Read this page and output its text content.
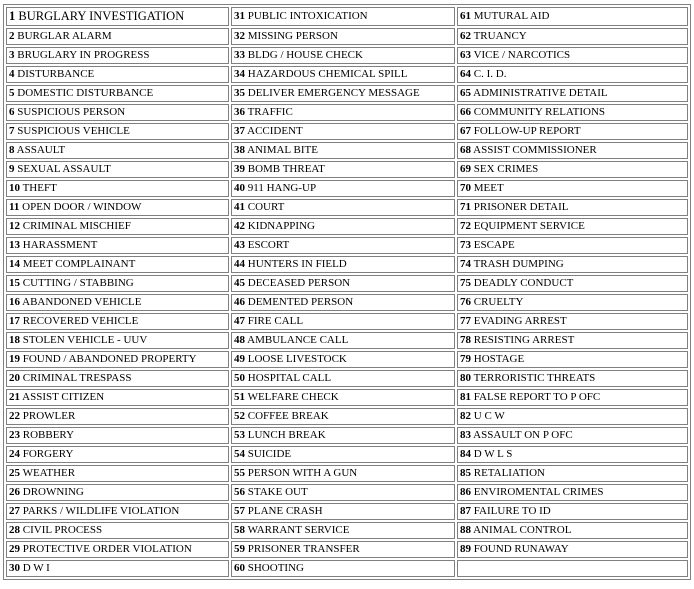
1 BURGLARY INVESTIGATION	31 PUBLIC INTOXICATION	61 MUTURAL AID
2 BURGLAR ALARM	32 MISSING PERSON	62 TRUANCY
3 BRUGLARY IN PROGRESS	33 BLDG / HOUSE CHECK	63 VICE / NARCOTICS
4 DISTURBANCE	34 HAZARDOUS CHEMICAL SPILL	64 C. I. D.
5 DOMESTIC DISTURBANCE	35 DELIVER EMERGENCY MESSAGE	65 ADMINISTRATIVE DETAIL
6 SUSPICIOUS PERSON	36 TRAFFIC	66 COMMUNITY RELATIONS
7 SUSPICIOUS VEHICLE	37 ACCIDENT	67 FOLLOW-UP REPORT
8 ASSAULT	38 ANIMAL BITE	68 ASSIST COMMISSIONER
9 SEXUAL ASSAULT	39 BOMB THREAT	69 SEX CRIMES
10 THEFT	40 911 HANG-UP	70 MEET
11 OPEN DOOR / WINDOW	41 COURT	71 PRISONER DETAIL
12 CRIMINAL MISCHIEF	42 KIDNAPPING	72 EQUIPMENT SERVICE
13 HARASSMENT	43 ESCORT	73 ESCAPE
14 MEET COMPLAINANT	44 HUNTERS IN FIELD	74 TRASH DUMPING
15 CUTTING / STABBING	45 DECEASED PERSON	75 DEADLY CONDUCT
16 ABANDONED VEHICLE	46 DEMENTED PERSON	76 CRUELTY
17 RECOVERED VEHICLE	47 FIRE CALL	77 EVADING ARREST
18 STOLEN VEHICLE - UUV	48 AMBULANCE CALL	78 RESISTING ARREST
19 FOUND / ABANDONED PROPERTY	49 LOOSE LIVESTOCK	79 HOSTAGE
20 CRIMINAL TRESPASS	50 HOSPITAL CALL	80 TERRORISTIC THREATS
21 ASSIST CITIZEN	51 WELFARE CHECK	81 FALSE REPORT TO P OFC
22 PROWLER	52 COFFEE BREAK	82 U C W
23 ROBBERY	53 LUNCH BREAK	83 ASSAULT ON P OFC
24 FORGERY	54 SUICIDE	84 D W L S
25 WEATHER	55 PERSON WITH A GUN	85 RETALIATION
26 DROWNING	56 STAKE OUT	86 ENVIROMENTAL CRIMES
27 PARKS / WILDLIFE VIOLATION	57 PLANE CRASH	87 FAILURE TO ID
28 CIVIL PROCESS	58 WARRANT SERVICE	88 ANIMAL CONTROL
29 PROTECTIVE ORDER VIOLATION	59 PRISONER TRANSFER	89 FOUND RUNAWAY
30 D W I	60 SHOOTING	
